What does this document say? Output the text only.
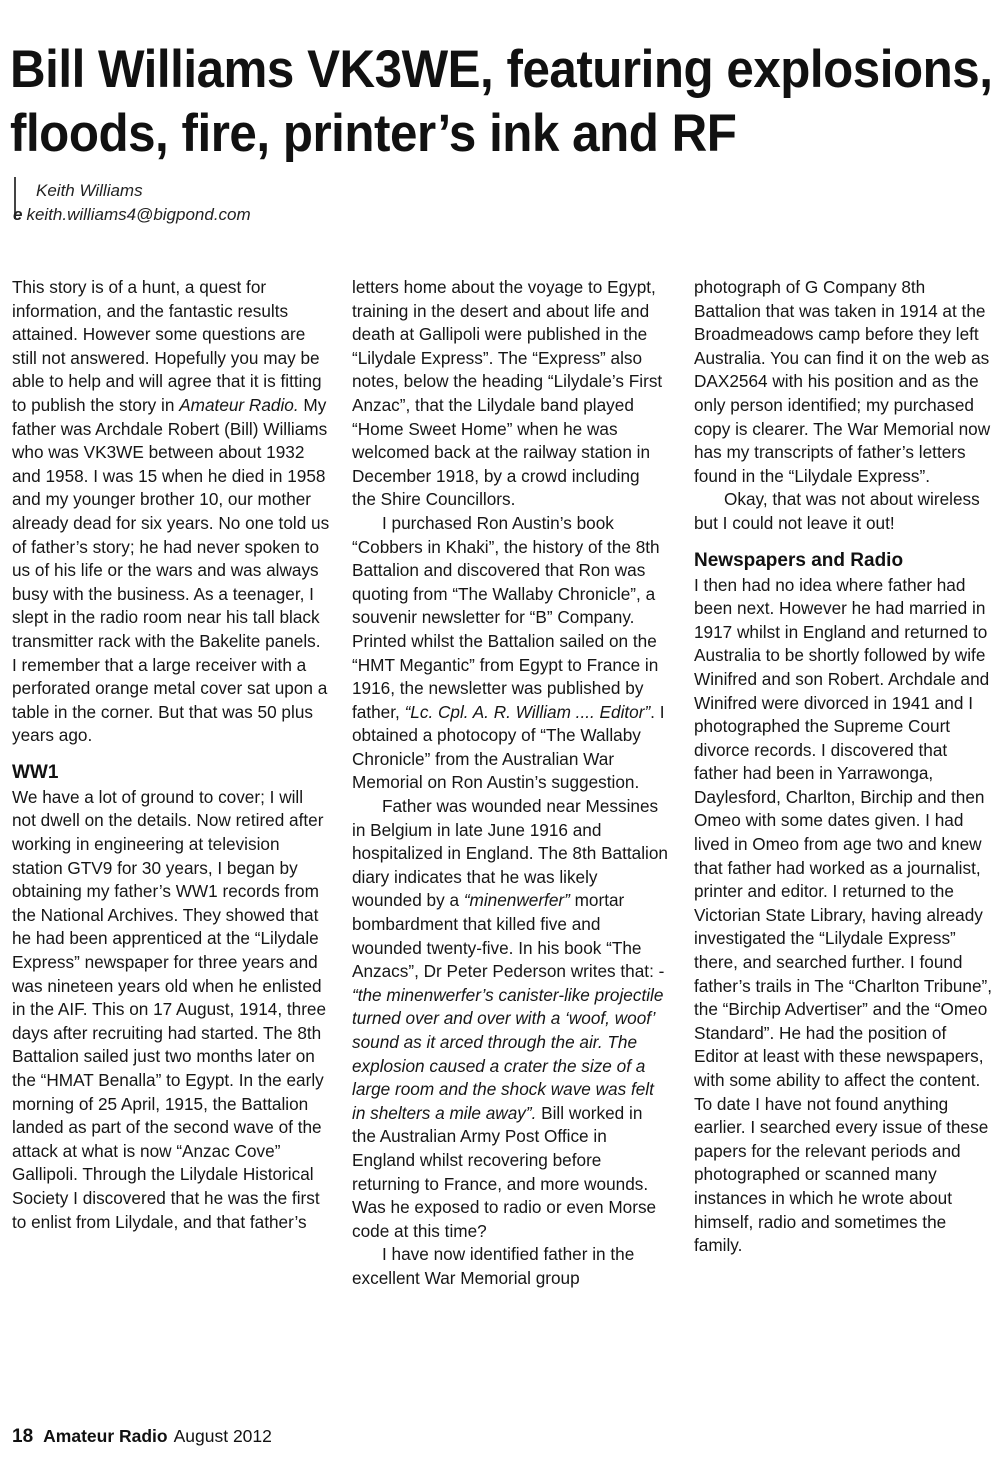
Bill Williams VK3WE, featuring explosions,
floods, fire, printer’s ink and RF
Keith Williams
e keith.williams4@bigpond.com

This story is of a hunt, a quest for information, and the fantastic results attained. However some questions are still not answered. Hopefully you may be able to help and will agree that it is fitting to publish the story in Amateur Radio. My father was Archdale Robert (Bill) Williams who was VK3WE between about 1932 and 1958. I was 15 when he died in 1958 and my younger brother 10, our mother already dead for six years. No one told us of father’s story; he had never spoken to us of his life or the wars and was always busy with the business. As a teenager, I slept in the radio room near his tall black transmitter rack with the Bakelite panels. I remember that a large receiver with a perforated orange metal cover sat upon a table in the corner. But that was 50 plus years ago.

WW1

We have a lot of ground to cover; I will not dwell on the details. Now retired after working in engineering at television station GTV9 for 30 years, I began by obtaining my father’s WW1 records from the National Archives. They showed that he had been apprenticed at the “Lilydale Express” newspaper for three years and was nineteen years old when he enlisted in the AIF. This on 17 August, 1914, three days after recruiting had started. The 8th Battalion sailed just two months later on the “HMAT Benalla” to Egypt. In the early morning of 25 April, 1915, the Battalion landed as part of the second wave of the attack at what is now “Anzac Cove” Gallipoli. Through the Lilydale Historical Society I discovered that he was the first to enlist from Lilydale, and that father’s

letters home about the voyage to Egypt, training in the desert and about life and death at Gallipoli were published in the “Lilydale Express”. The “Express” also notes, below the heading “Lilydale’s First Anzac”, that the Lilydale band played “Home Sweet Home” when he was welcomed back at the railway station in December 1918, by a crowd including the Shire Councillors.

I purchased Ron Austin’s book “Cobbers in Khaki”, the history of the 8th Battalion and discovered that Ron was quoting from “The Wallaby Chronicle”, a souvenir newsletter for “B” Company. Printed whilst the Battalion sailed on the “HMT Megantic” from Egypt to France in 1916, the newsletter was published by father, “Lc. Cpl. A. R. William .... Editor”. I obtained a photocopy of “The Wallaby Chronicle” from the Australian War Memorial on Ron Austin’s suggestion.

Father was wounded near Messines in Belgium in late June 1916 and hospitalized in England. The 8th Battalion diary indicates that he was likely wounded by a “minenwerfer” mortar bombardment that killed five and wounded twenty-five. In his book “The Anzacs”, Dr Peter Pederson writes that: - “the minenwerfer’s canister-like projectile turned over and over with a ‘woof, woof’ sound as it arced through the air. The explosion caused a crater the size of a large room and the shock wave was felt in shelters a mile away”. Bill worked in the Australian Army Post Office in England whilst recovering before returning to France, and more wounds. Was he exposed to radio or even Morse code at this time?

I have now identified father in the excellent War Memorial group

photograph of G Company 8th Battalion that was taken in 1914 at the Broadmeadows camp before they left Australia. You can find it on the web as DAX2564 with his position and as the only person identified; my purchased copy is clearer. The War Memorial now has my transcripts of father’s letters found in the “Lilydale Express”.

Okay, that was not about wireless but I could not leave it out!

Newspapers and Radio

I then had no idea where father had been next. However he had married in 1917 whilst in England and returned to Australia to be shortly followed by wife Winifred and son Robert. Archdale and Winifred were divorced in 1941 and I photographed the Supreme Court divorce records. I discovered that father had been in Yarrawonga, Daylesford, Charlton, Birchip and then Omeo with some dates given. I had lived in Omeo from age two and knew that father had worked as a journalist, printer and editor. I returned to the Victorian State Library, having already investigated the “Lilydale Express” there, and searched further. I found father’s trails in The “Charlton Tribune”, the “Birchip Advertiser” and the “Omeo Standard”. He had the position of Editor at least with these newspapers, with some ability to affect the content. To date I have not found anything earlier. I searched every issue of these papers for the relevant periods and photographed or scanned many instances in which he wrote about himself, radio and sometimes the family.

18 Amateur Radio August 2012
